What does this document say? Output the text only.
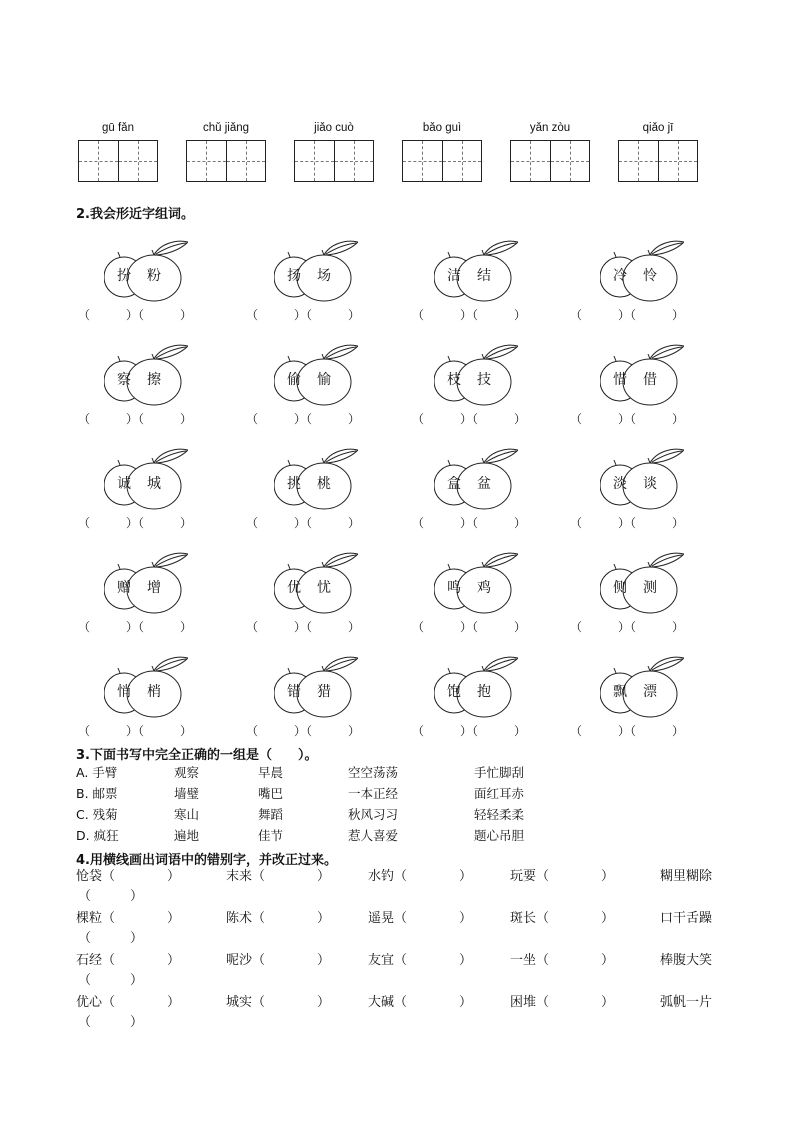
gū fǎn	chǔ jiǎng	jiǎo cuò	bǎo guì	yǎn zòu	qiǎo jī
2.我会形近字组词。
扮 粉
（　　　）（　　　）
扬 场
（　　　）（　　　）
洁 结
（　　　）（　　　）
冷 怜
（　　　）（　　　）
察 擦
（　　　）（　　　）
偷 愉
（　　　）（　　　）
枝 技
（　　　）（　　　）
惜 借
（　　　）（　　　）
诚 城
（　　　）（　　　）
挑 桃
（　　　）（　　　）
盒 盆
（　　　）（　　　）
淡 谈
（　　　）（　　　）
赠 增
（　　　）（　　　）
优 忧
（　　　）（　　　）
鸣 鸡
（　　　）（　　　）
侧 测
（　　　）（　　　）
悄 梢
（　　　）（　　　）
错 猎
（　　　）（　　　）
饱 抱
（　　　）（　　　）
飘 漂
（　　　）（　　　）
3.下面书写中完全正确的一组是（　　）。
A. 手臂	观察	早晨	空空荡荡	手忙脚刮
B. 邮票	墙璧	嘴巴	一本正经	面红耳赤
C. 残菊	寒山	舞蹈	秋风习习	轻轻柔柔
D. 疯狂	遍地	佳节	惹人喜爱	题心吊胆
4.用横线画出词语中的错别字，并改正过来。
怆袋（　　　　）	末来（　　　　）	水钓（　　　　）	玩要（　　　　）	糊里糊除
（　　　）
棵粒（　　　　）	陈术（　　　　）	遥晃（　　　　）	斑长（　　　　）	口干舌躁
（　　　）
石经（　　　　）	呢沙（　　　　）	友宜（　　　　）	一坐（　　　　）	棒腹大笑
（　　　）
优心（　　　　）	城实（　　　　）	大碱（　　　　）	困堆（　　　　）	弧帆一片
（　　　）
